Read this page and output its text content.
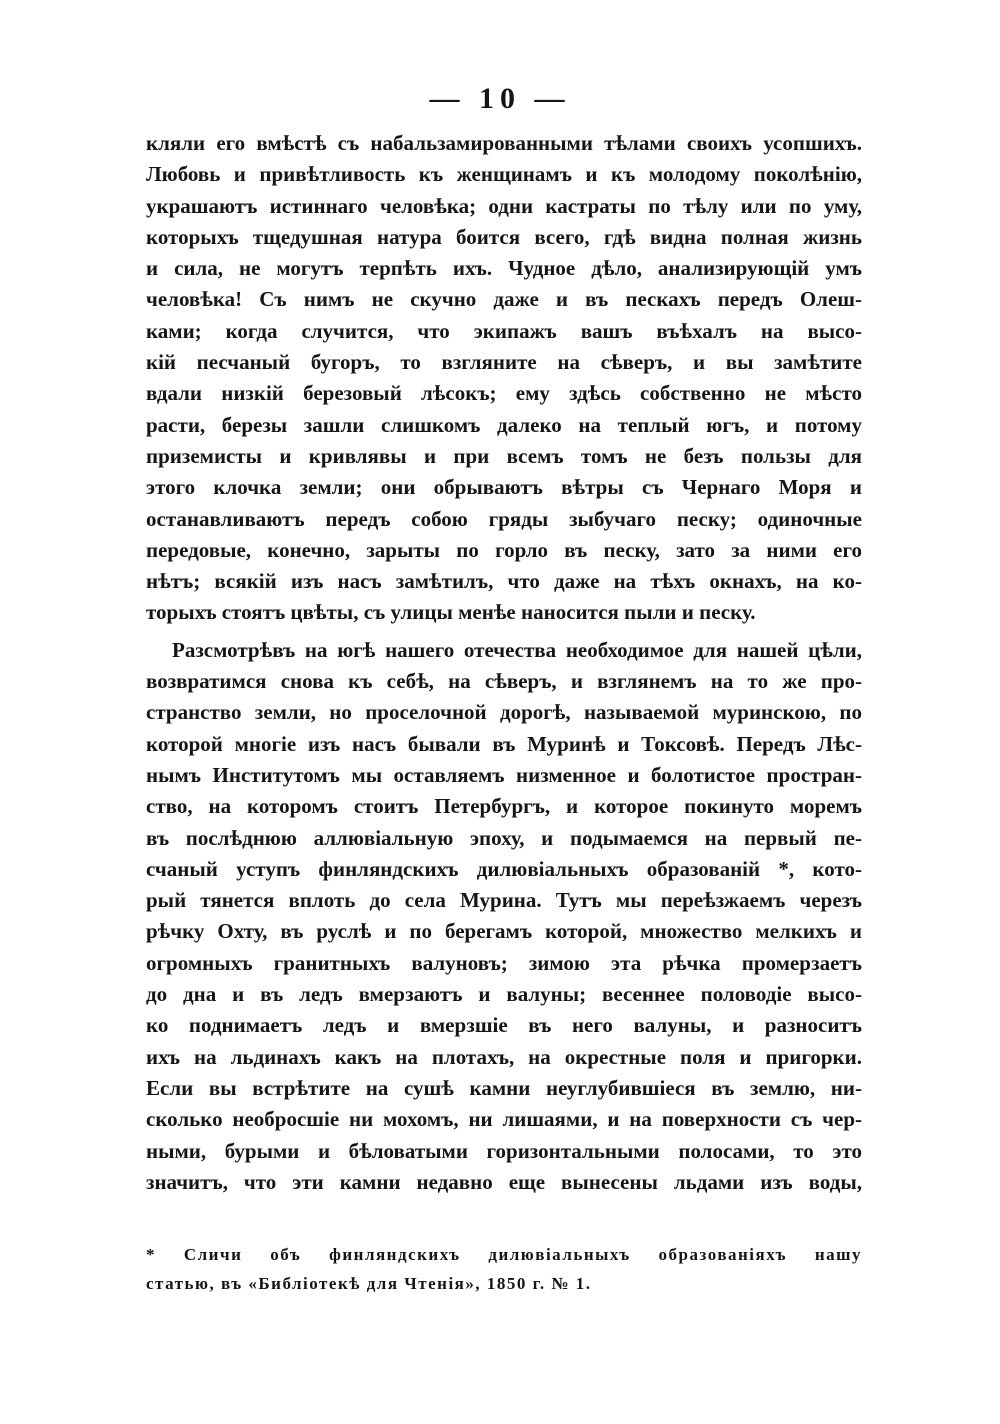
— 10 —
кляли его вмѣстѣ съ набальзамированными тѣлами своихъ усопшихъ.
Любовь и привѣтливость къ женщинамъ и къ молодому поколѣнію,
украшаютъ истиннаго человѣка; одни кастраты по тѣлу или по уму,
которыхъ тщедушная натура боится всего, гдѣ видна полная жизнь
и сила, не могутъ терпѣть ихъ. Чудное дѣло, анализирующій умъ
человѣка! Съ нимъ не скучно даже и въ пескахъ передъ Олеш-
ками; когда случится, что экипажъ вашъ въѣхалъ на высо-
кій песчаный бугоръ, то взгляните на сѣверъ, и вы замѣтите
вдали низкій березовый лѣсокъ; ему здѣсь собственно не мѣсто
расти, березы зашли слишкомъ далеко на теплый югъ, и потому
приземисты и кривлявы и при всемъ томъ не безъ пользы для
этого клочка земли; они обрываютъ вѣтры съ Чернаго Моря и
останавливаютъ передъ собою гряды зыбучаго песку; одиночные
передовые, конечно, зарыты по горло въ песку, зато за ними его
нѣтъ; всякій изъ насъ замѣтилъ, что даже на тѣхъ окнахъ, на ко-
торыхъ стоятъ цвѣты, съ улицы менѣе наносится пыли и песку.
Разсмотрѣвъ на югѣ нашего отечества необходимое для нашей цѣли,
возвратимся снова къ себѣ, на сѣверъ, и взглянемъ на то же про-
странство земли, но проселочной дорогѣ, называемой муринскою, по
которой многіе изъ насъ бывали въ Муринѣ и Токсовѣ. Передъ Лѣс-
нымъ Институтомъ мы оставляемъ низменное и болотистое простран-
ство, на которомъ стоитъ Петербургъ, и которое покинуто моремъ
въ послѣднюю аллювіальную эпоху, и подымаемся на первый пе-
счаный уступъ финляндскихъ дилювіальныхъ образованій *, кото-
рый тянется вплоть до села Мурина. Тутъ мы переѣзжаемъ черезъ
рѣчку Охту, въ руслѣ и по берегамъ которой, множество мелкихъ и
огромныхъ гранитныхъ валуновъ; зимою эта рѣчка промерзаетъ
до дна и въ ледъ вмерзаютъ и валуны; весеннее половодіе высо-
ко поднимаетъ ледъ и вмерзшіе въ него валуны, и разноситъ
ихъ на льдинахъ какъ на плотахъ, на окрестные поля и пригорки.
Если вы встрѣтите на сушѣ камни неуглубившіеся въ землю, ни-
сколько необросшіе ни мохомъ, ни лишаями, и на поверхности съ чер-
ными, бурыми и бѣловатыми горизонтальными полосами, то это
значитъ, что эти камни недавно еще вынесены льдами изъ воды,
* Сличи объ финляндскихъ дилювіальныхъ образованіяхъ нашу
статью, въ «Библіотекѣ для Чтенія», 1850 г. № 1.
